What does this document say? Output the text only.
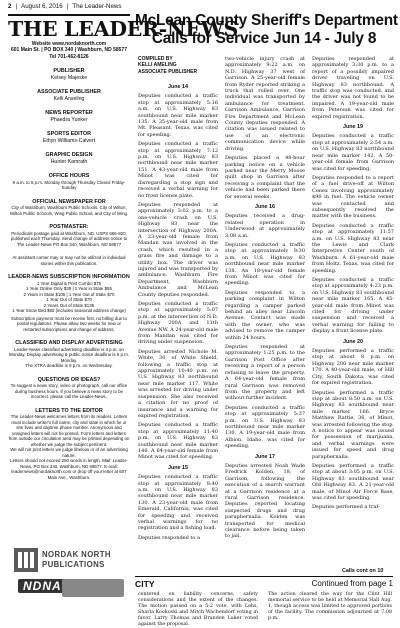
2 | August 6, 2016 | The Leader-News
THE LEADER-NEWS
Website www.nordaknorth.com
601 Main St. | PO BOX 340 | Washburn, ND 58577
Tel 701-462-8126
PUBLISHER
Kelsey Majeske
ASSOCIATE PUBLISHER
Kelli Anseling
NEWS REPORTER
Phaedra Yunker
SPORTS EDITOR
Ethyn Williams-Calvert
GRAPHIC DESIGN
Hunter Kamrath
OFFICE HOURS
9 a.m. to 5 p.m. Monday through Thursday Closed Friday-Sunday
OFFICIAL NEWSPAPER FOR
City of Washburn, Washburn Public Schools, City of Wilton, Wilton Public Schools, Wing Public School, and City of Wing.
POSTMASTER:
Periodicals postage paid at Washburn, ND. USPS 666-820, published each Thursday. Send change of address notice to The Leader-News PO Box 340, Washburn, ND 58577
At assistant corner may or may not be utilized in individual stories within this publication.
LEADER-NEWS SUBSCRIPTION INFORMATION
1 Year Digital & Print Combo $75
1 Year Online Only $35 | 1 Year in State $55
2 Years in State $105 | 1 Year Out of State $70
1 Year Out of State $70
2 Years Out of State $135
1 Year Snow Bird $60 (includes seasonal address change)
Subscription payment must be receive first, no billing due to postal regulations. Please allow two weeks for new or restarted subscriptions and change of address.
CLASSIFIED AND DISPLAY ADVERTISING
Leader-News classified advertising deadline is 3 p.m. on Monday. Display advertising & public notice deadline is 5 p.m. Monday.
The XTRA deadline is 5 p.m. on Wednesday.
QUESTIONS OR IDEAS?
To suggest a news story, video or photograph, call our office during business hours. If you believe a news story to be incorrect, please call the Leader-News.
LETTERS TO THE EDITOR
The Leader-News welcomes letters from its readers. Letters must include writer's full name, city and state in which he or she lives and daytime phone number. Anonymous and unsigned letters will not be printed. Form letters and letters from outside our circulation area may be printed depending on whether we judge the subject pertinent.
We will not print letters we judge libelous or of an advertising nature.
Letters should not exceed 250 words in length. Mail: Leader-News, PO Box 340, Washburn, ND 58577. E-mail: leadernews@nordaknorth.com or drop off your letter at 607 Main Ave., Washburn.
NORDAK NORTH
PUBLICATIONS
NDNA
McLean County Sheriff's Department
Calls for Service Jun 14 - July 8
COMPILED BY
KELLI AMELING
ASSOCIATE PUBLISHER
June 14

Deputies conducted a traffic stop at approximately 5:16 a.m. on U.S. Highway 83 southbound near mile marker 135. A 35-year-old male from Mt. Pleasant, Texas, was cited for speeding.

Deputies conducted a traffic stop at approximately 7:12 p.m. on U.S. Highway 83 northbound near mile marker 151. A 43-year-old male from Minot was cited for disregarding a stop sign and received a verbal warning for no front license plate.

Deputies responded at approximately 3:02 p.m. to a one-vehicle crash on U.S. Highway 83 near the intersection of Highway 200A. A 23-year-old female from Mandan was involved in the crash, which resulted in a grass fire and damage to a utility box. The driver was injured and was transported by ambulance. Washburn Fire Department, Washburn Ambulance and McLean County deputies responded.

Deputies conducted a traffic stop at approximately 5:07 p.m. at the intersection of N.D. Highway 200A and 11th Avenue NW. A 24-year-old male from Mandan was cited for driving under suspension.

Deputies arrested Nichole M. White, 30, of White Shield, following a traffic stop at approximately 10:40 p.m. on U.S. Highway 83 northbound near mile marker 117. White was arrested for driving under suspension. She also received a citation for no proof of insurance and a warning for expired registration.

Deputies conducted a traffic stop at approximately 11:40 p.m. on U.S. Highway 83 southbound near mile marker 146. A 64-year-old female from Minot was cited for speeding.

June 15

Deputies conducted a traffic stop at approximately 8:40 a.m. on U.S. Highway 83 southbound near mile marker 130. A 23-year-old male from Emerald, California, was cited for speeding and received verbal warnings for no registration and a fishing load.

Deputies responded to a

two-vehicle injury crash at approximately 9:22 a.m. on N.D. Highway 37 west of Garrison. A 25-year-old female from Ryder reported striking a truck that rolled over. One individual was transported by ambulance for treatment. Garrison Ambulance, Garrison Fire Department and McLean County deputies responded. A citation was issued related to use of an electronic communication device while driving.

Deputies placed a 48-hour parking notice on a vehicle parked near the Merry Moose quilt shop in Garrison after receiving a complaint that the vehicle had been parked there for several weeks.

June 16

Deputies received a drug-related operation in Underwood at approximately 3:08 a.m.

Deputies conducted a traffic stop at approximately 9:30 a.m. on U.S. Highway 83 northbound near mile marker 138. An 18-year-old female from Minot was cited for speeding.

Deputies responded to a parking complaint in Wilton regarding a camper parked behind an alley near Lincoln Avenue. Contact was made with the owner, who was advised to remove the camper within 24 hours.

Deputies responded at approximately 1:25 p.m. to the Garrison Post Office after receiving a report of a person refusing to leave the property. A 64-year-old female from rural Garrison was removed from the property and left without further incident.

Deputies conducted a traffic stop at approximately 5:37 p.m. on U.S. Highway 83 northbound near mile marker 130. A 19-year-old male from Albion, Idaho, was cited for speeding.

June 17

Deputies arrested Noah Wade Fredrick Kolden, 18, of Garrison, following the execution of a search warrant at a Garrison residence at a rural Garrison residence. Deputies reported locating suspected drugs and drug paraphernalia. Kolden was transported for medical clearance before being taken to jail.

Deputies responded at approximately 3:30 p.m. to a report of a possibly impaired driver traveling on U.S. Highway 83 northbound. A traffic stop was conducted, and the driver was not found to be impaired. A 19-year-old male from Peterson was cited for expired registration.

June 19

Deputies conducted a traffic stop at approximately 2:54 a.m. on U.S. Highway 83 northbound near mile marker 142. A 50-year-old female from Garrison was cited for speeding.

Deputies responded to a report of a fuel drive-off at Wilton Cenex involving approximately $90 in fuel. The vehicle owner was contacted and subsequently resolved the matter with the business.

Deputies conducted a traffic stop at approximately 11:57 a.m. on U.S. Highway 83 near the Lewis and Clark Interpretive Center south of Washburn. A 61-year-old male from Holtz, Texas, was cited for speeding.

Deputies conducted a traffic stop at approximately 4:23 p.m. on U.S. Highway 83 southbound near mile marker 165. A 45-year-old male from Minot was cited for driving under suspension and received a verbal warning for failing to display a front license plate.

June 20

Deputies performed a traffic stop at about 8 p.m. on Highway 200 near mile marker 170. A 40-year-old male, of Hill City, South Dakota, was cited for expired registration.

Deputies performed a traffic stop at about 8:50 a.m. on U.S. Highway 83 southbound near mile marker 166. Bryce Matthew Rattie, 36, of Minot, was arrested following the stop. A notice to appear was issued for possession of marijuana, and verbal warnings were issued for speed and drug paraphernalia.

Deputies performed a traffic stop at about 3:05 p.m. on U.S. Highway 83 southbound near Old Highway 83. A 21-year-old male, of Minot Air Force Base, was cited for speeding.

Deputies performed a traf-

Calls cont on 10
CITY	Continued from page 1
centered on liability concerns, safety considerations and the extent of the changes. The motion passed on a 5-2 vote, with Lehs, Sharla Kookoski and Mitch Wachendorf voting in favor. Larry Thomas and Brandon Luker voted against the proposal.
The action cleared the way for the Clint Hill memorial service to be held at Memorial Hall Aug. 1, though access was limited to approved portions of the facility. The commission adjourned at 7:08 p.m.
